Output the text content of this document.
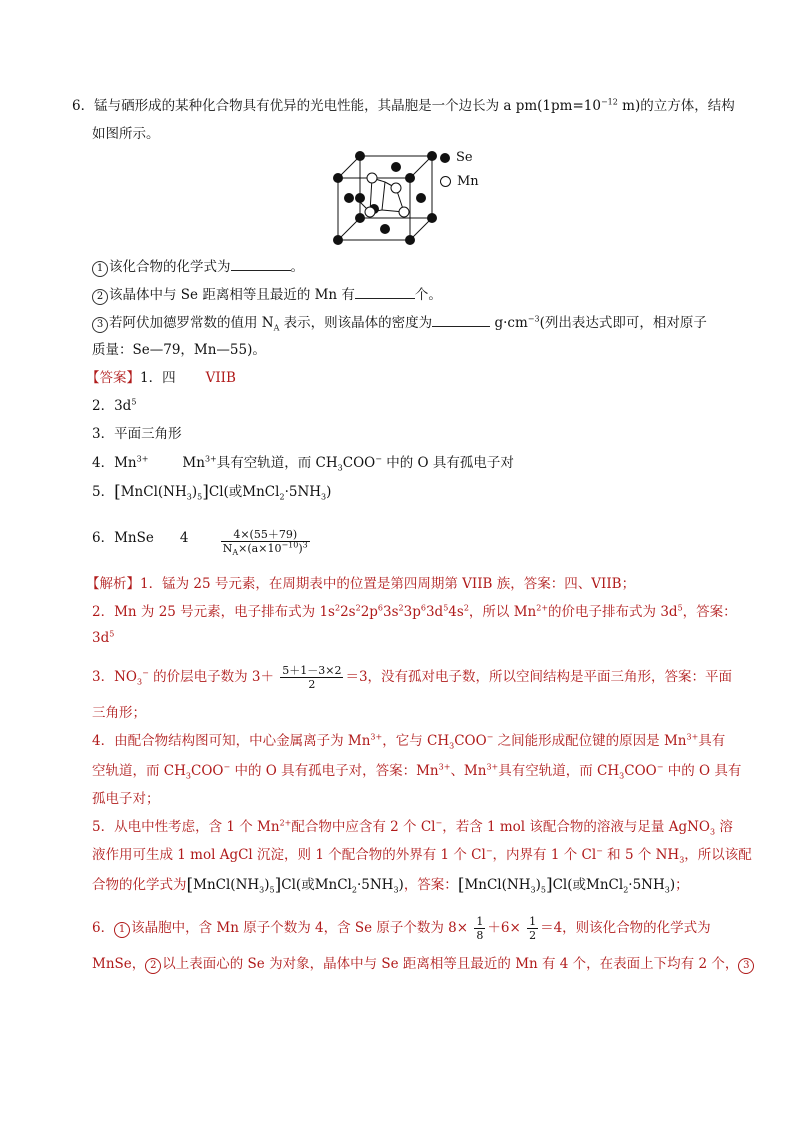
6．锰与硒形成的某种化合物具有优异的光电性能，其晶胞是一个边长为 a $pm(1pm=10^{-12}$ m)的立方体，结构
如图所示。
Se
Mn
1 该化合物的化学式为	。
2 该晶体中与 Se 距离相等且最近的 Mn 有	个。
3 若阿伏加德罗常数的值用 $N_A$ 表示，则该晶体的密度为	$g\cdot cm^{-3}$(列出表达式即可，相对原子
质量：Se—79，Mn—55)。
【答案】1．四 VIIB
2．$3d^5$
3．平面三角形
4．$Mn^{3+}$	$Mn^{3+}$具有空轨道，而 $CH_3COO^-$ 中的 O 具有孤电子对
5．$[MnCl(NH_3)_5]Cl$(或$MnCl_2\cdot 5NH_3$)
6．MnSe 4	$\frac{4\times(55+79)}{N_A\times(a\times 10^{-10})^3}$
【解析】1．锰为 25 号元素，在周期表中的位置是第四周期第 VIIB 族，答案：四、VIIB；
2．Mn 为 25 号元素，电子排布式为 $1s^22s^22p^63s^23p^63d^54s^2$，所以 $Mn^{2+}$的价电子排布式为 $3d^5$，答案：
$3d^5$
3．$NO_3^-$ 的价层电子数为 $3+ \frac{5+1-3\times 2}{2} =3$，没有孤对电子数，所以空间结构是平面三角形，答案：平面
三角形；
4．由配合物结构图可知，中心金属离子为 $Mn^{3+}$，它与 $CH_3COO^-$ 之间能形成配位键的原因是 $Mn^{3+}$具有
空轨道，而 $CH_3COO^-$ 中的 O 具有孤电子对，答案：$Mn^{3+}$、$Mn^{3+}$具有空轨道，而 $CH_3COO^-$ 中的 O 具有
孤电子对；
5．从电中性考虑，含 1 个 $Mn^{2+}$配合物中应含有 2 个 Cl−，若含 1 mol 该配合物的溶液与足量 AgNO$_3$ 溶
液作用可生成 1 mol AgCl 沉淀，则 1 个配合物的外界有 1 个 Cl−，内界有 1 个 Cl− 和 5 个 $NH_3$，所以该配
合物的化学式为$[MnCl(NH_3)_5]Cl$(或$MnCl_2\cdot 5NH_3$)，答案：$[MnCl(NH_3)_5]Cl$(或$MnCl_2\cdot 5NH_3$)；
6． 1 该晶胞中，含 Mn 原子个数为 4，含 Se 原子个数为 $8\times \frac{1}{8} +6\times \frac{1}{2} =4$，则该化合物的化学式为
MnSe， 2 以上表面心的 Se 为对象，晶体中与 Se 距离相等且最近的 Mn 有 4 个，在表面上下均有 2 个， 3
